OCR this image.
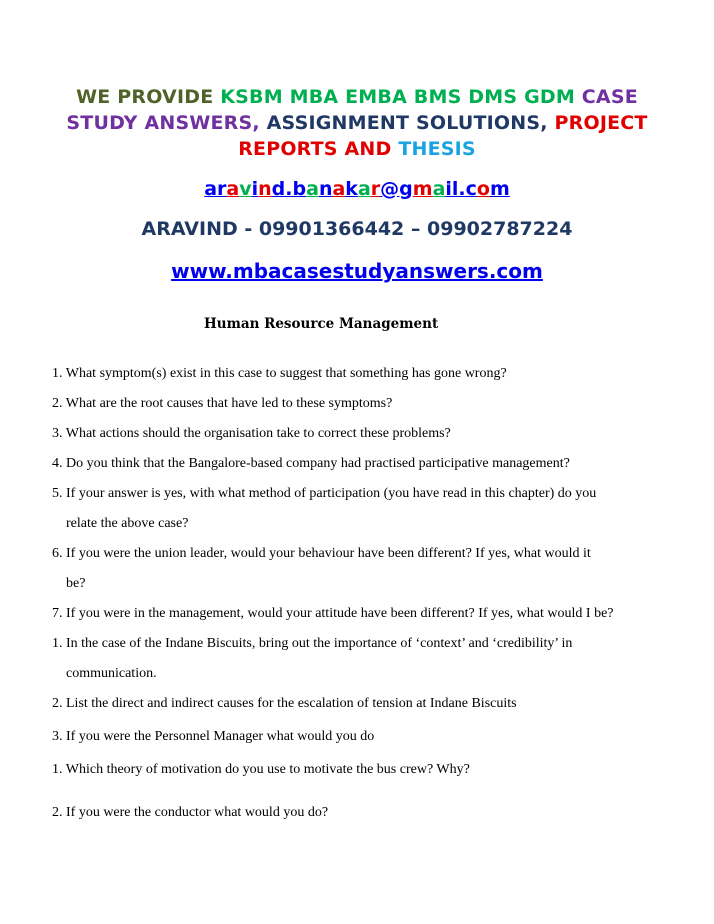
WE PROVIDE KSBM MBA EMBA BMS DMS GDM CASE
STUDY ANSWERS, ASSIGNMENT SOLUTIONS, PROJECT
REPORTS AND THESIS
aravind.banakar@gmail.com
ARAVIND - 09901366442 – 09902787224
www.mbacasestudyanswers.com
Human Resource Management
1. What symptom(s) exist in this case to suggest that something has gone wrong?
2. What are the root causes that have led to these symptoms?
3. What actions should the organisation take to correct these problems?
4. Do you think that the Bangalore-based company had practised participative management?
5. If your answer is yes, with what method of participation (you have read in this chapter) do you
relate the above case?
6. If you were the union leader, would your behaviour have been different? If yes, what would it
be?
7. If you were in the management, would your attitude have been different? If yes, what would I be?
1. In the case of the Indane Biscuits, bring out the importance of ‘context’ and ‘credibility’ in
communication.
2. List the direct and indirect causes for the escalation of tension at Indane Biscuits
3. If you were the Personnel Manager what would you do
1. Which theory of motivation do you use to motivate the bus crew? Why?
2. If you were the conductor what would you do?
